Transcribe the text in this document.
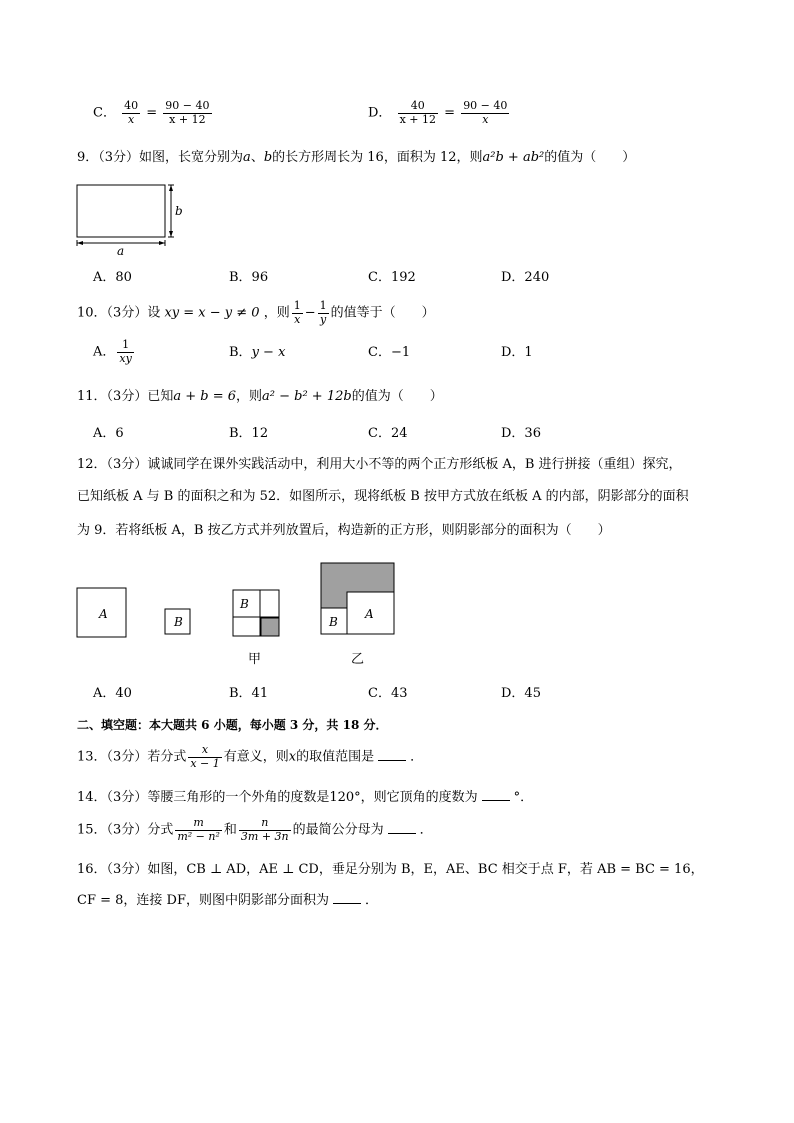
C． $\frac{40}{x} = \frac{90 - 40}{x + 12}$	D． $\frac{40}{x + 12} = \frac{90 - 40}{x}$
9．（3分）如图，长宽分别为a、b的长方形周长为 16，面积为 12，则a²b + ab²的值为（　　）
a
b
A．80	B．96	C．192	D．240
10．（3分）设 xy = x − y ≠ 0 ，则 $\frac{1}{x} - \frac{1}{y}$ 的值等于（　　）
A． $\frac{1}{xy}$	B．y − x	C．−1	D．1
11．（3分）已知a + b = 6，则a² − b² + 12b的值为（　　）
A．6	B．12	C．24	D．36
12．（3分）诚诚同学在课外实践活动中，利用大小不等的两个正方形纸板 A，B 进行拼接（重组）探究，
已知纸板 A 与 B 的面积之和为 52．如图所示，现将纸板 B 按甲方式放在纸板 A 的内部，阴影部分的面积
为 9．若将纸板 A，B 按乙方式并列放置后，构造新的正方形，则阴影部分的面积为（　　）
A
B
B
甲
B
A
乙
A．40	B．41	C．43	D．45
二、填空题：本大题共 6 小题，每小题 3 分，共 18 分．
13．（3分）若分式 $\frac{x}{x - 1}$ 有意义，则x的取值范围是	．
14．（3分）等腰三角形的一个外角的度数是120°，则它顶角的度数为	°．
15．（3分）分式 $\frac{m}{\text{m² − n²}}$ 和 $\frac{n}{3m + 3n}$ 的最简公分母为	．
16．（3分）如图，CB ⊥ AD，AE ⊥ CD，垂足分别为 B，E，AE、BC 相交于点 F，若 AB = BC = 16，
CF = 8，连接 DF，则图中阴影部分面积为	．
